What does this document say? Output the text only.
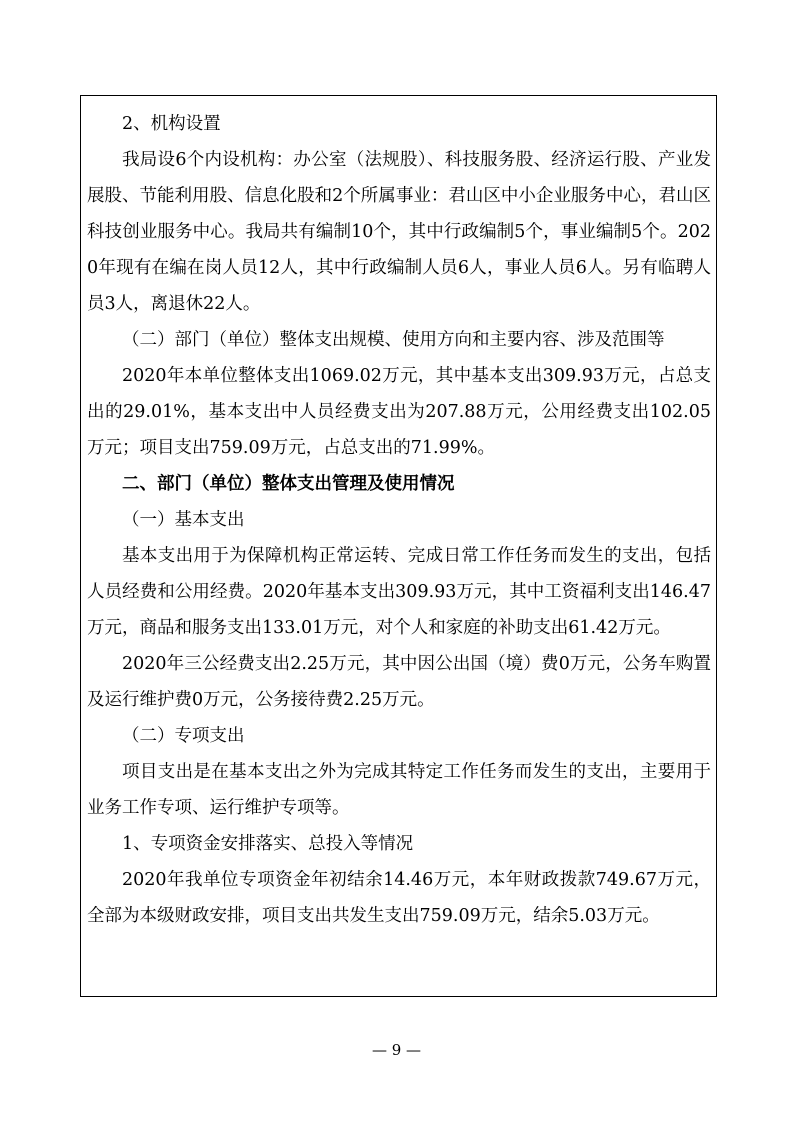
2、机构设置

我局设6个内设机构：办公室（法规股）、科技服务股、经济运行股、产业发展股、节能利用股、信息化股和2个所属事业：君山区中小企业服务中心，君山区科技创业服务中心。我局共有编制10个，其中行政编制5个，事业编制5个。2020年现有在编在岗人员12人，其中行政编制人员6人，事业人员6人。另有临聘人员3人，离退休22人。

（二）部门（单位）整体支出规模、使用方向和主要内容、涉及范围等

2020年本单位整体支出1069.02万元，其中基本支出309.93万元，占总支出的29.01%，基本支出中人员经费支出为207.88万元，公用经费支出102.05万元；项目支出759.09万元，占总支出的71.99%。

二、部门（单位）整体支出管理及使用情况

（一）基本支出

基本支出用于为保障机构正常运转、完成日常工作任务而发生的支出，包括人员经费和公用经费。2020年基本支出309.93万元，其中工资福利支出146.47万元，商品和服务支出133.01万元，对个人和家庭的补助支出61.42万元。

2020年三公经费支出2.25万元，其中因公出国（境）费0万元，公务车购置及运行维护费0万元，公务接待费2.25万元。

（二）专项支出

项目支出是在基本支出之外为完成其特定工作任务而发生的支出，主要用于业务工作专项、运行维护专项等。

1、专项资金安排落实、总投入等情况

2020年我单位专项资金年初结余14.46万元，本年财政拨款749.67万元，全部为本级财政安排，项目支出共发生支出759.09万元，结余5.03万元。

— 9 —
